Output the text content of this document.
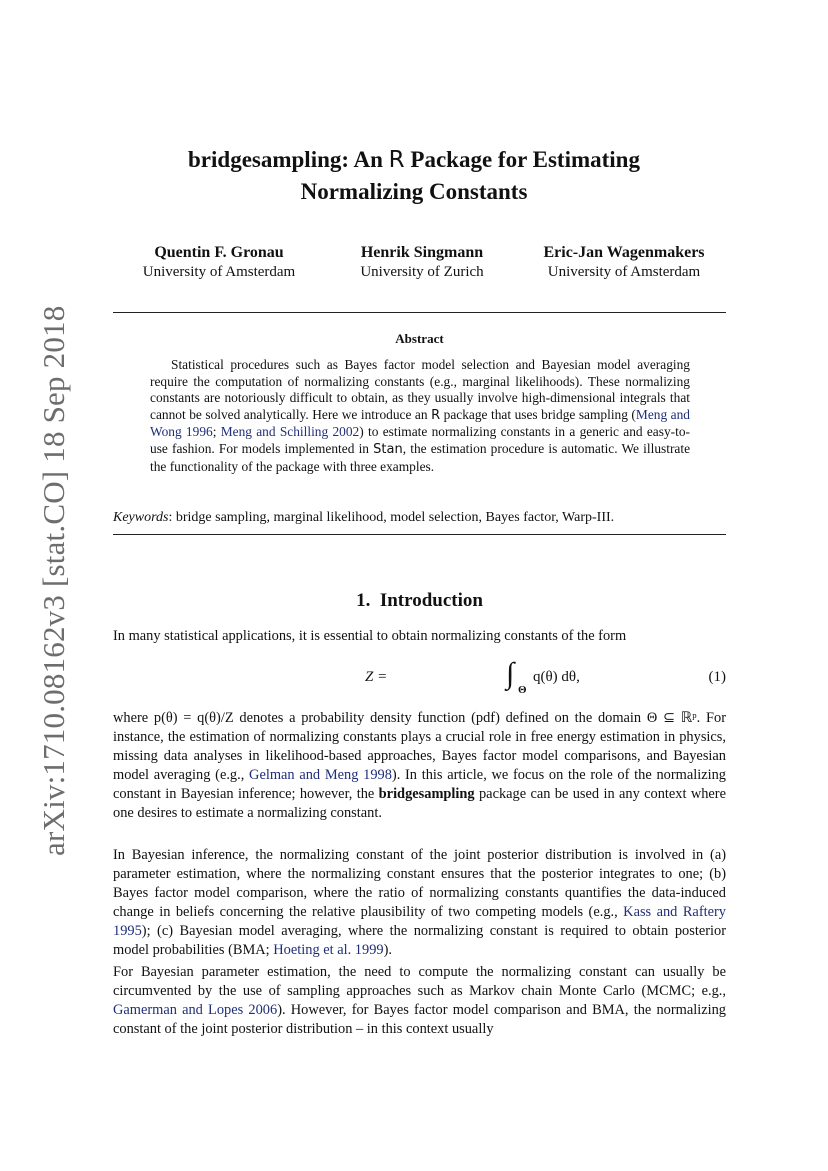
arXiv:1710.08162v3 [stat.CO] 18 Sep 2018
bridgesampling: An R Package for Estimating
Normalizing Constants
Quentin F. Gronau
University of Amsterdam
Henrik Singmann
University of Zurich
Eric-Jan Wagenmakers
University of Amsterdam
Abstract
Statistical procedures such as Bayes factor model selection and Bayesian model averaging require the computation of normalizing constants (e.g., marginal likelihoods). These normalizing constants are notoriously difficult to obtain, as they usually involve high-dimensional integrals that cannot be solved analytically. Here we introduce an R package that uses bridge sampling (Meng and Wong 1996; Meng and Schilling 2002) to estimate normalizing constants in a generic and easy-to-use fashion. For models implemented in Stan, the estimation procedure is automatic. We illustrate the functionality of the package with three examples.
Keywords: bridge sampling, marginal likelihood, model selection, Bayes factor, Warp-III.
1. Introduction
In many statistical applications, it is essential to obtain normalizing constants of the form
Z =	∫ Θ
q(θ) dθ,	(1)
where p(θ) = q(θ)/Z denotes a probability density function (pdf) defined on the domain Θ ⊆ ℝᵖ. For instance, the estimation of normalizing constants plays a crucial role in free energy estimation in physics, missing data analyses in likelihood-based approaches, Bayes factor model comparisons, and Bayesian model averaging (e.g., Gelman and Meng 1998). In this article, we focus on the role of the normalizing constant in Bayesian inference; however, the bridgesampling package can be used in any context where one desires to estimate a normalizing constant.
In Bayesian inference, the normalizing constant of the joint posterior distribution is involved in (a) parameter estimation, where the normalizing constant ensures that the posterior integrates to one; (b) Bayes factor model comparison, where the ratio of normalizing constants quantifies the data-induced change in beliefs concerning the relative plausibility of two competing models (e.g., Kass and Raftery 1995); (c) Bayesian model averaging, where the normalizing constant is required to obtain posterior model probabilities (BMA; Hoeting et al. 1999).
For Bayesian parameter estimation, the need to compute the normalizing constant can usually be circumvented by the use of sampling approaches such as Markov chain Monte Carlo (MCMC; e.g., Gamerman and Lopes 2006). However, for Bayes factor model comparison and BMA, the normalizing constant of the joint posterior distribution – in this context usually
